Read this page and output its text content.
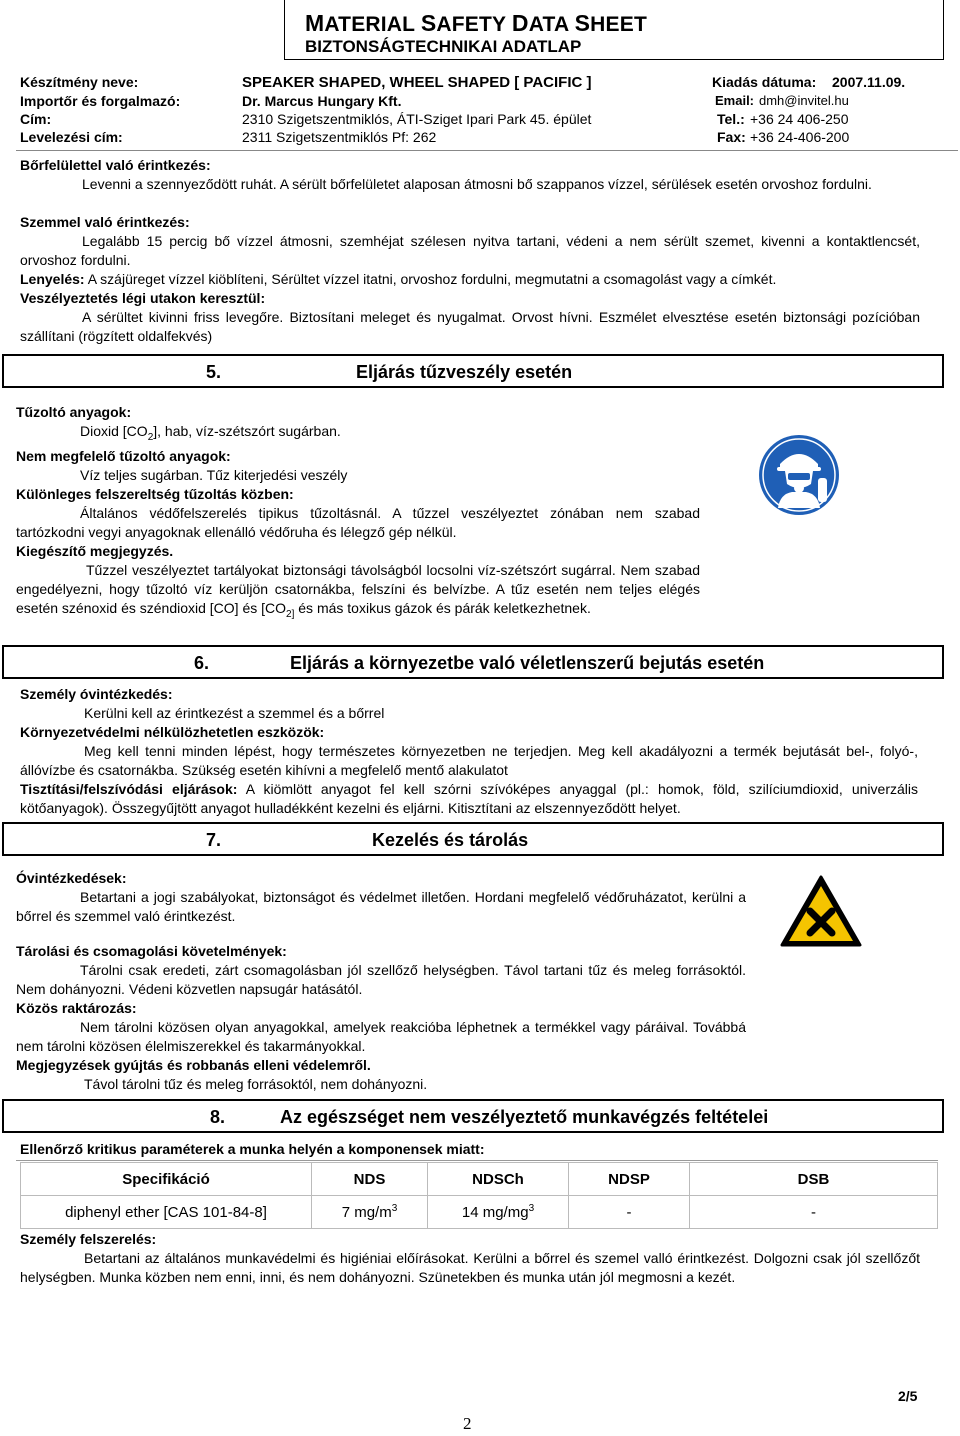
MATERIAL SAFETY DATA SHEET
BIZTONSÁGTECHNIKAI ADATLAP
Készítmény neve:	SPEAKER SHAPED, WHEEL SHAPED [ PACIFIC ]	Kiadás dátuma: 2007.11.09.
Importőr és forgalmazó:	Dr. Marcus Hungary Kft.	Email: dmh@invitel.hu
Cím:	2310 Szigetszentmiklós, ÁTI-Sziget Ipari Park 45. épület	Tel.: +36 24 406-250
Levelezési cím:	2311 Szigetszentmiklós Pf: 262	Fax: +36 24-406-200
Bőrfelülettel való érintkezés:
Levenni a szennyeződött ruhát. A sérült bőrfelületet alaposan átmosni bő szappanos vízzel, sérülések esetén orvoshoz fordulni.
Szemmel való érintkezés:
Legalább 15 percig bő vízzel átmosni, szemhéjat szélesen nyitva tartani, védeni a nem sérült szemet, kivenni a kontaktlencsét, orvoshoz fordulni.
Lenyelés: A szájüreget vízzel kiöblíteni, Sérültet vízzel itatni, orvoshoz fordulni, megmutatni a csomagolást vagy a címkét.
Veszélyeztetés légi utakon keresztül:
A sérültet kivinni friss levegőre. Biztosítani meleget és nyugalmat. Orvost hívni. Eszmélet elvesztése esetén biztonsági pozícióban szállítani (rögzített oldalfekvés)
5.	Eljárás tűzveszély esetén
Tűzoltó anyagok:
Dioxid $[CO_2]$, hab, víz-szétszórt sugárban.
Nem megfelelő tűzoltó anyagok:
Víz teljes sugárban. Tűz kiterjedési veszély
Különleges felszereltség tűzoltás közben:
Általános védőfelszerelés tipikus tűzoltásnál. A tűzzel veszélyeztet zónában nem szabad tartózkodni vegyi anyagoknak ellenálló védőruha és lélegző gép nélkül.
Kiegészítő megjegyzés.
Tűzzel veszélyeztet tartályokat biztonsági távolságból locsolni víz-szétszórt sugárral. Nem szabad engedélyezni, hogy tűzoltó víz kerüljön csatornákba, felszíni és belvízbe. A tűz esetén nem teljes elégés esetén szénoxid és széndioxid [CO] és [$CO_{2]}$ és más toxikus gázok és párák keletkezhetnek.
6.	Eljárás a környezetbe való véletlenszerű bejutás esetén
Személy óvintézkedés:
Kerülni kell az érintkezést a szemmel és a bőrrel
Környezetvédelmi nélkülözhetetlen eszközök:
Meg kell tenni minden lépést, hogy természetes környezetben ne terjedjen. Meg kell akadályozni a termék bejutását bel-, folyó-, állóvízbe és csatornákba. Szükség esetén kihívni a megfelelő mentő alakulatot
Tisztítási/felszívódási eljárások: A kiömlött anyagot fel kell szórni szívóképes anyaggal (pl.: homok, föld, szilíciumdioxid, univerzális kötőanyagok). Összegyűjtött anyagot hulladékként kezelni és eljárni. Kitisztítani az elszennyeződött helyet.
7.	Kezelés és tárolás
Óvintézkedések:
Betartani a jogi szabályokat, biztonságot és védelmet illetően. Hordani megfelelő védőruházatot, kerülni a bőrrel és szemmel való érintkezést.
Tárolási és csomagolási követelmények:
Tárolni csak eredeti, zárt csomagolásban jól szellőző helységben. Távol tartani tűz és meleg forrásoktól. Nem dohányozni. Védeni közvetlen napsugár hatásától.
Közös raktározás:
Nem tárolni közösen olyan anyagokkal, amelyek reakcióba léphetnek a termékkel vagy páráival. Továbbá nem tárolni közösen élelmiszerekkel és takarmányokkal.
Megjegyzések gyújtás és robbanás elleni védelemről.
Távol tárolni tűz és meleg forrásoktól, nem dohányozni.
8.	Az egészséget nem veszélyeztető munkavégzés feltételei
Ellenőrző kritikus paraméterek a munka helyén a komponensek miatt:
Specifikáció	NDS	NDSCh	NDSP	DSB
diphenyl ether [CAS 101-84-8]	7 $mg/m^3$	14 $mg/mg^3$	-	-
Személy felszerelés:
Betartani az általános munkavédelmi és higiéniai előírásokat. Kerülni a bőrrel és szemel valló érintkezést. Dolgozni csak jól szellőzőt helységben. Munka közben nem enni, inni, és nem dohányozni. Szünetekben és munka után jól megmosni a kezét.
2
2/5
